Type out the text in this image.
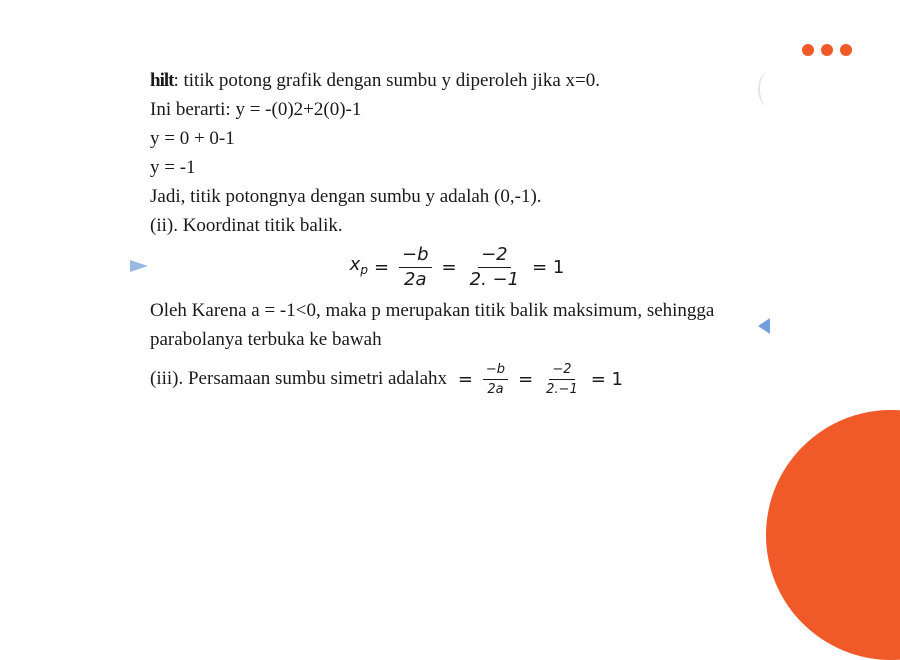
hilt: titik potong grafik dengan sumbu y diperoleh jika x=0.
Ini berarti: y = -(0)2+2(0)-1
y = 0 + 0-1
y = -1
Jadi, titik potongnya dengan sumbu y adalah (0,-1).
(ii). Koordinat titik balik.
$x_p = \frac{-b}{2a} = \frac{-2}{2. -1} = 1$
Oleh Karena a = -1<0, maka p merupakan titik balik maksimum, sehingga parabolanya terbuka ke bawah
(iii). Persamaan sumbu simetri adalahx = $\frac{-b}{2a} = \frac{-2}{2.-1} = 1$
